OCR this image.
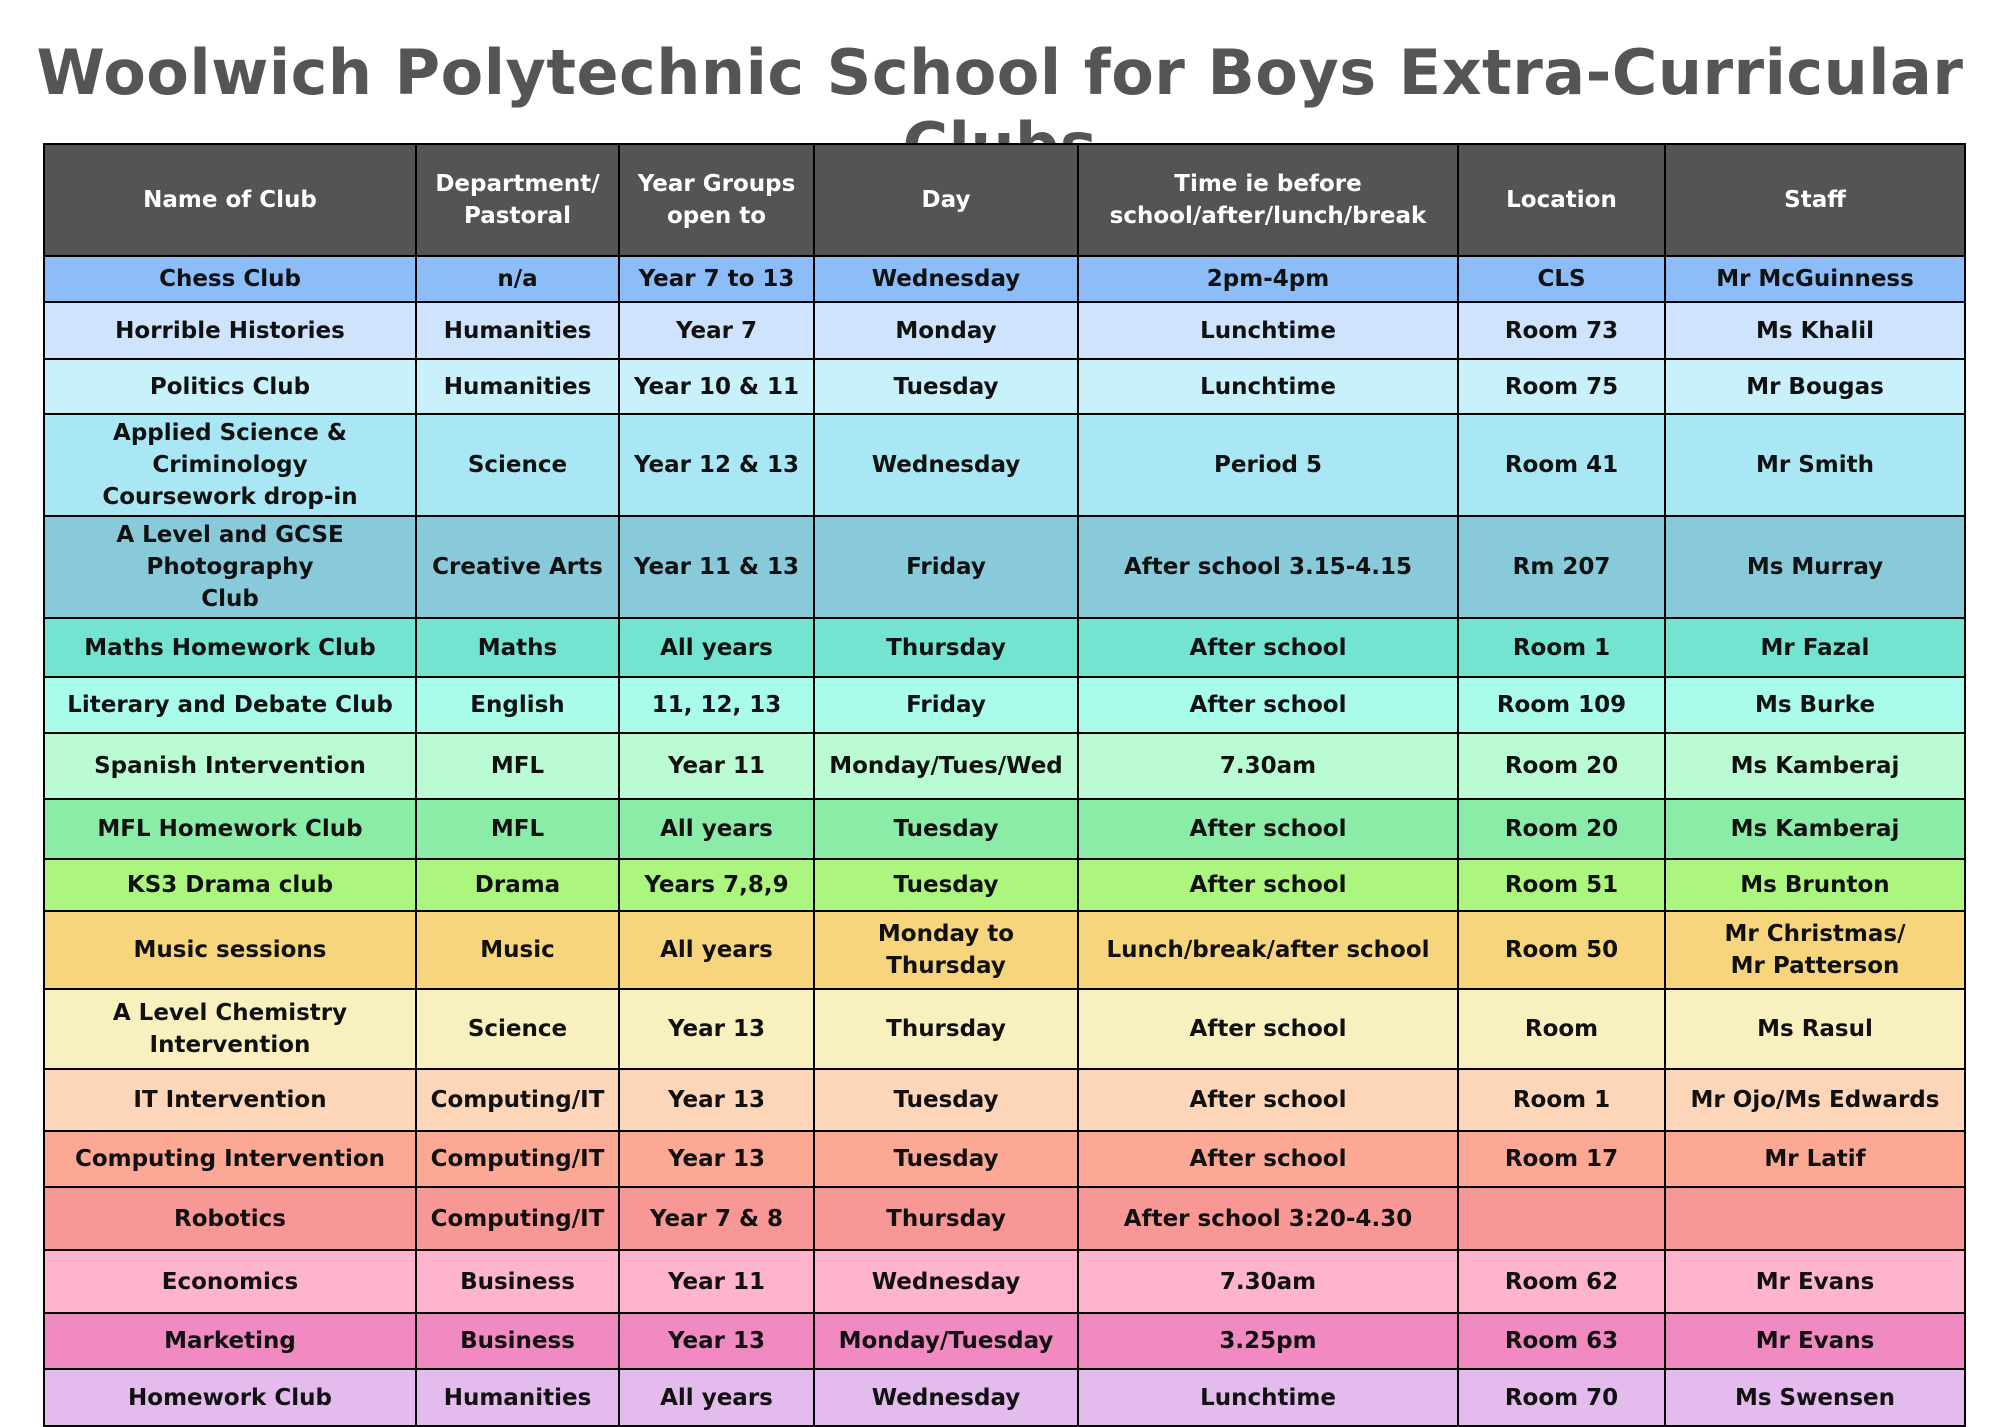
Woolwich Polytechnic School for Boys Extra-Curricular
Name of Club	Department/
Pastoral	Year Groups
open to	Day	Time ie before
school/after/lunch/break	Location	Staff
Chess Club	n/a	Year 7 to 13	Wednesday	2pm-4pm	CLS	Mr McGuinness
Horrible Histories	Humanities	Year 7	Monday	Lunchtime	Room 73	Ms Khalil
Politics Club	Humanities	Year 10 & 11	Tuesday	Lunchtime	Room 75	Mr Bougas
Applied Science & Criminology
Coursework drop-in	Science	Year 12 & 13	Wednesday	Period 5	Room 41	Mr Smith
A Level and GCSE Photography
Club	Creative Arts	Year 11 & 13	Friday	After school 3.15-4.15	Rm 207	Ms Murray
Maths Homework Club	Maths	All years	Thursday	After school	Room 1	Mr Fazal
Literary and Debate Club	English	11, 12, 13	Friday	After school	Room 109	Ms Burke
Spanish Intervention	MFL	Year 11	Monday/Tues/Wed	7.30am	Room 20	Ms Kamberaj
MFL Homework Club	MFL	All years	Tuesday	After school	Room 20	Ms Kamberaj
KS3 Drama club	Drama	Years 7,8,9	Tuesday	After school	Room 51	Ms Brunton
Music sessions	Music	All years	Monday to Thursday	Lunch/break/after school	Room 50	Mr Christmas/
Mr Patterson
A Level Chemistry
Intervention	Science	Year 13	Thursday	After school	Room	Ms Rasul
IT Intervention	Computing/IT	Year 13	Tuesday	After school	Room 1	Mr Ojo/Ms Edwards
Computing Intervention	Computing/IT	Year 13	Tuesday	After school	Room 17	Mr Latif
Robotics	Computing/IT	Year 7 & 8	Thursday	After school 3:20-4.30		
Economics	Business	Year 11	Wednesday	7.30am	Room 62	Mr Evans
Marketing	Business	Year 13	Monday/Tuesday	3.25pm	Room 63	Mr Evans
Homework Club	Humanities	All years	Wednesday	Lunchtime	Room 70	Ms Swensen
